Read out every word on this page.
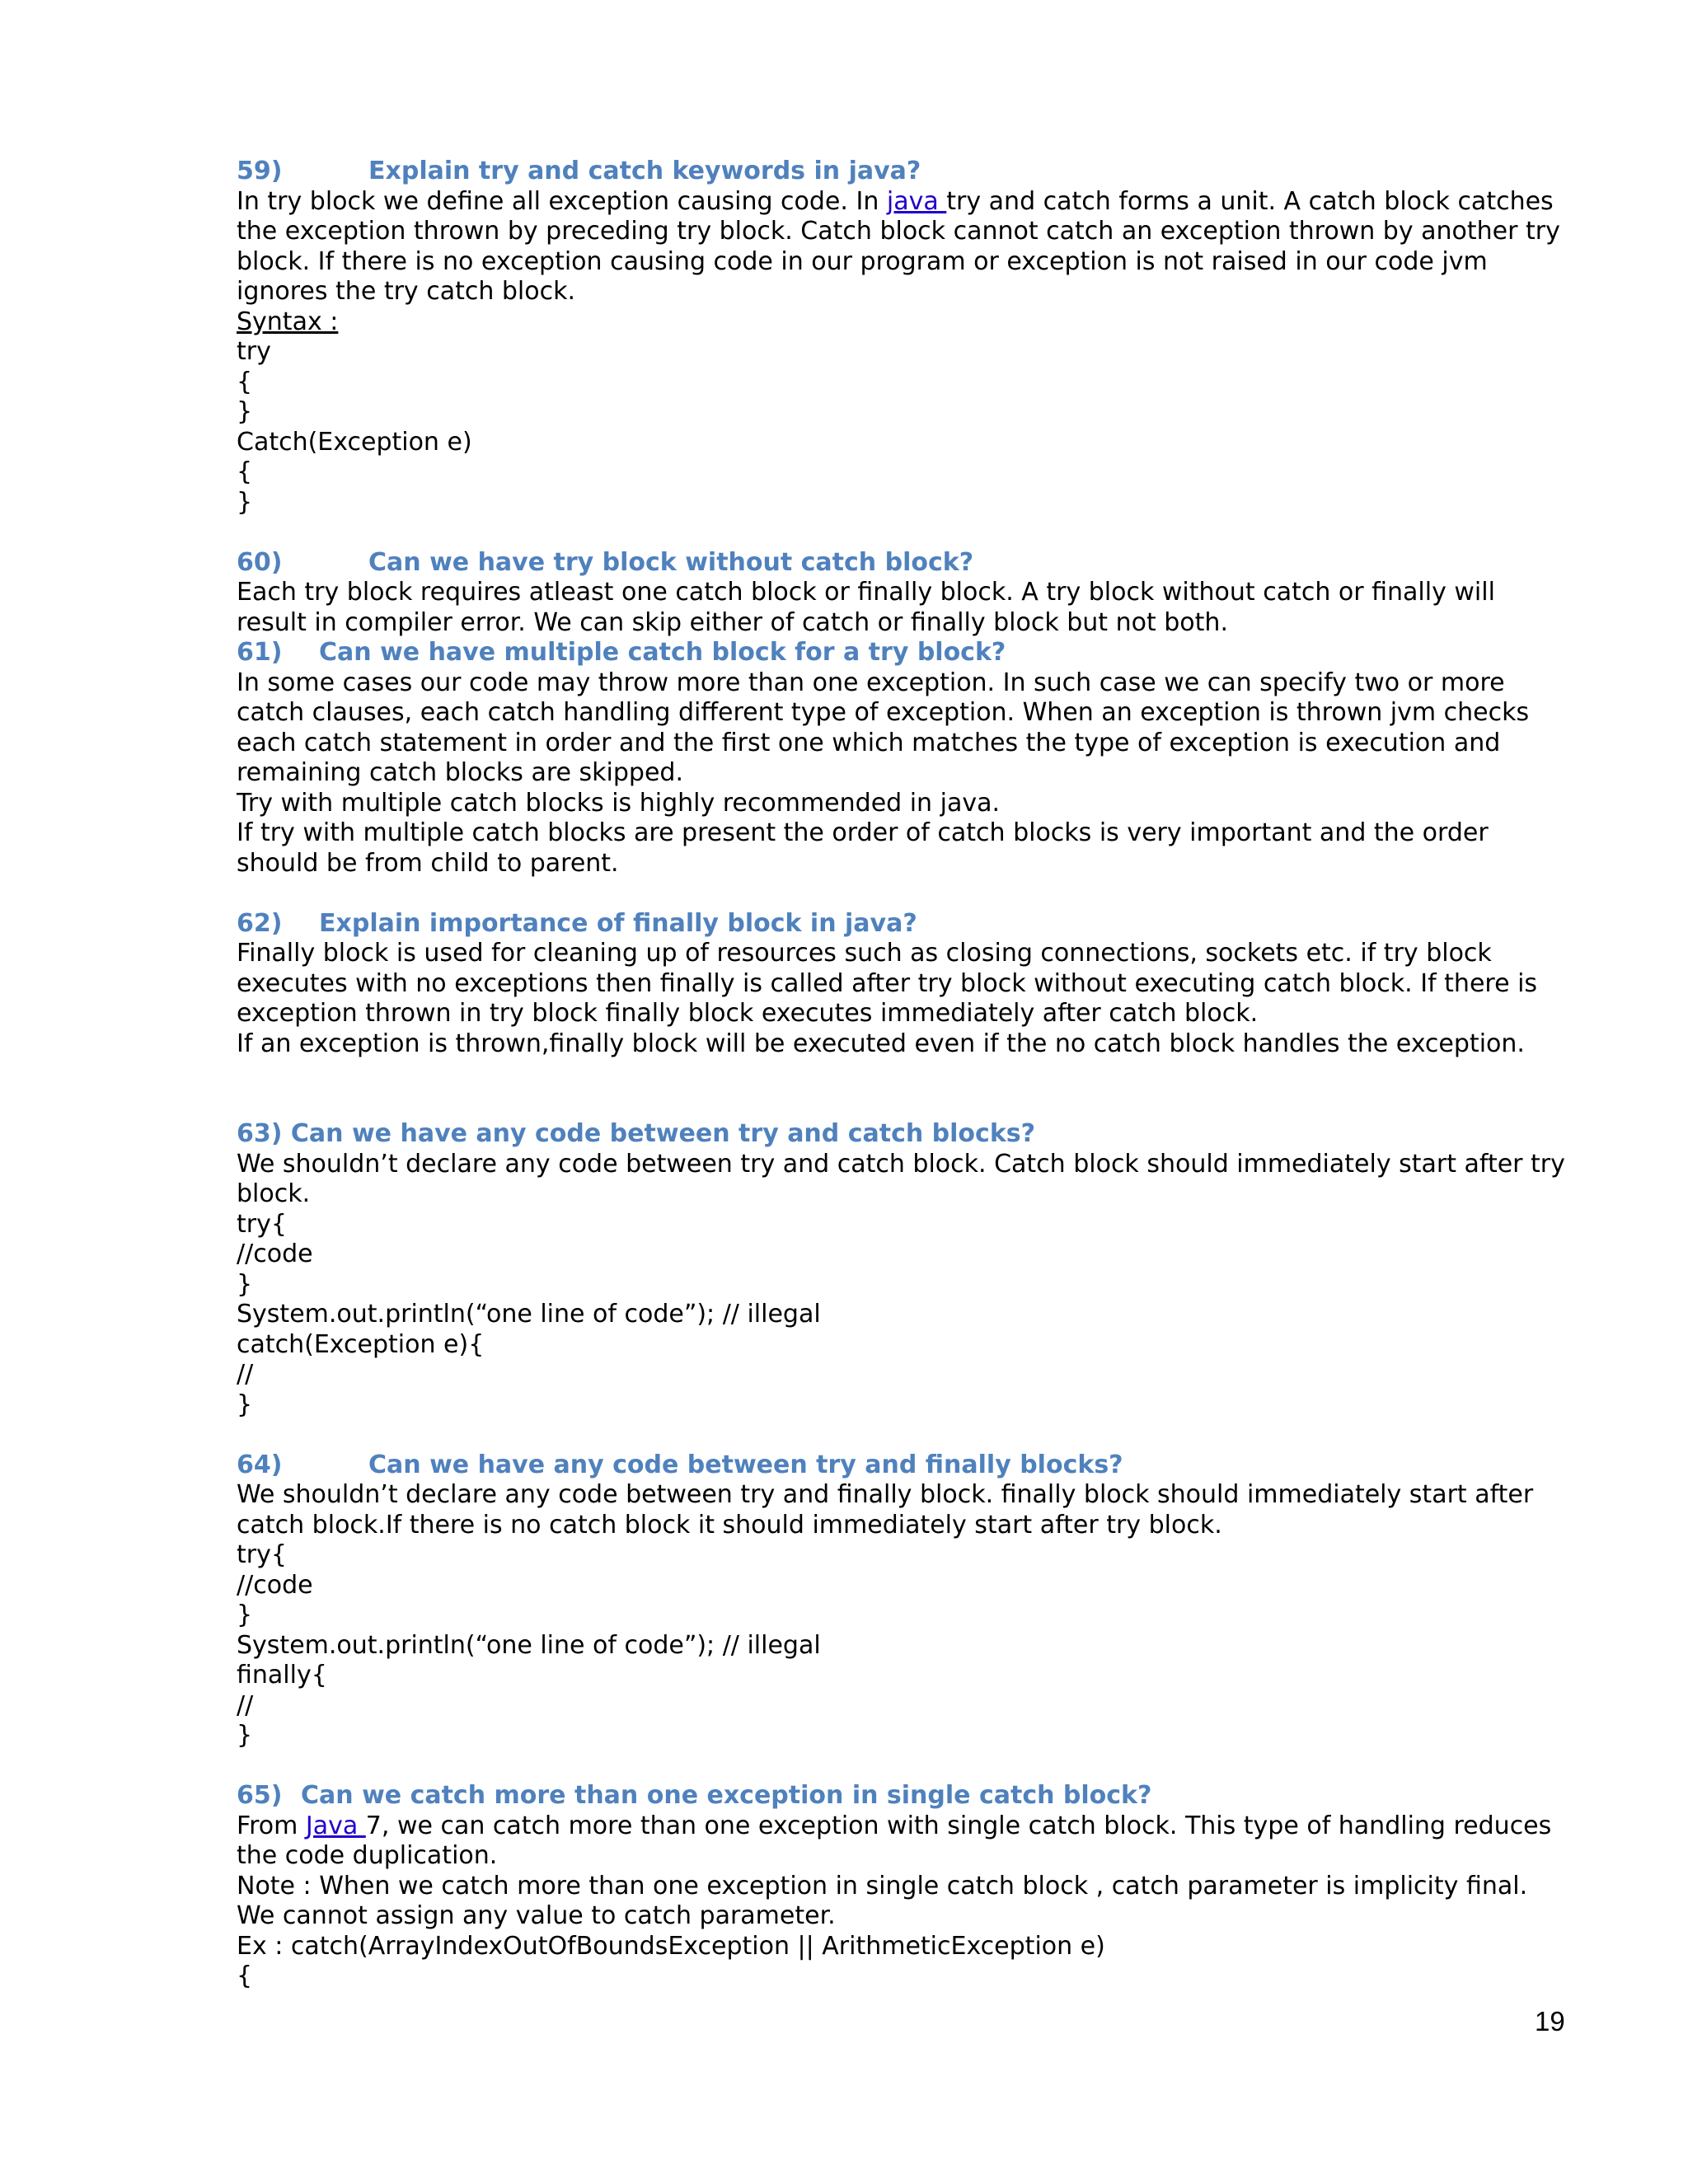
59)	Explain try and catch keywords in java?
In try block we define all exception causing code. In java try and catch forms a unit. A catch block catches
the exception thrown by preceding try block. Catch block cannot catch an exception thrown by another try
block. If there is no exception causing code in our program or exception is not raised in our code jvm
ignores the try catch block.
Syntax :
try
{
}
Catch(Exception e)
{
}
60)	Can we have try block without catch block?
Each try block requires atleast one catch block or finally block. A try block without catch or finally will
result in compiler error. We can skip either of catch or finally block but not both.
61) Can we have multiple catch block for a try block?
In some cases our code may throw more than one exception. In such case we can specify two or more
catch clauses, each catch handling different type of exception. When an exception is thrown jvm checks
each catch statement in order and the first one which matches the type of exception is execution and
remaining catch blocks are skipped.
Try with multiple catch blocks is highly recommended in java.
If try with multiple catch blocks are present the order of catch blocks is very important and the order
should be from child to parent.
62) Explain importance of finally block in java?
Finally block is used for cleaning up of resources such as closing connections, sockets etc. if try block
executes with no exceptions then finally is called after try block without executing catch block. If there is
exception thrown in try block finally block executes immediately after catch block.
If an exception is thrown,finally block will be executed even if the no catch block handles the exception.
63) Can we have any code between try and catch blocks?
We shouldn’t declare any code between try and catch block. Catch block should immediately start after try
block.
try{
//code
}
System.out.println(“one line of code”); // illegal
catch(Exception e){
//
}
64)	Can we have any code between try and finally blocks?
We shouldn’t declare any code between try and finally block. finally block should immediately start after
catch block.If there is no catch block it should immediately start after try block.
try{
//code
}
System.out.println(“one line of code”); // illegal
finally{
//
}
65) Can we catch more than one exception in single catch block?
From Java 7, we can catch more than one exception with single catch block. This type of handling reduces
the code duplication.
Note : When we catch more than one exception in single catch block , catch parameter is implicity final.
We cannot assign any value to catch parameter.
Ex : catch(ArrayIndexOutOfBoundsException || ArithmeticException e)
{
19
